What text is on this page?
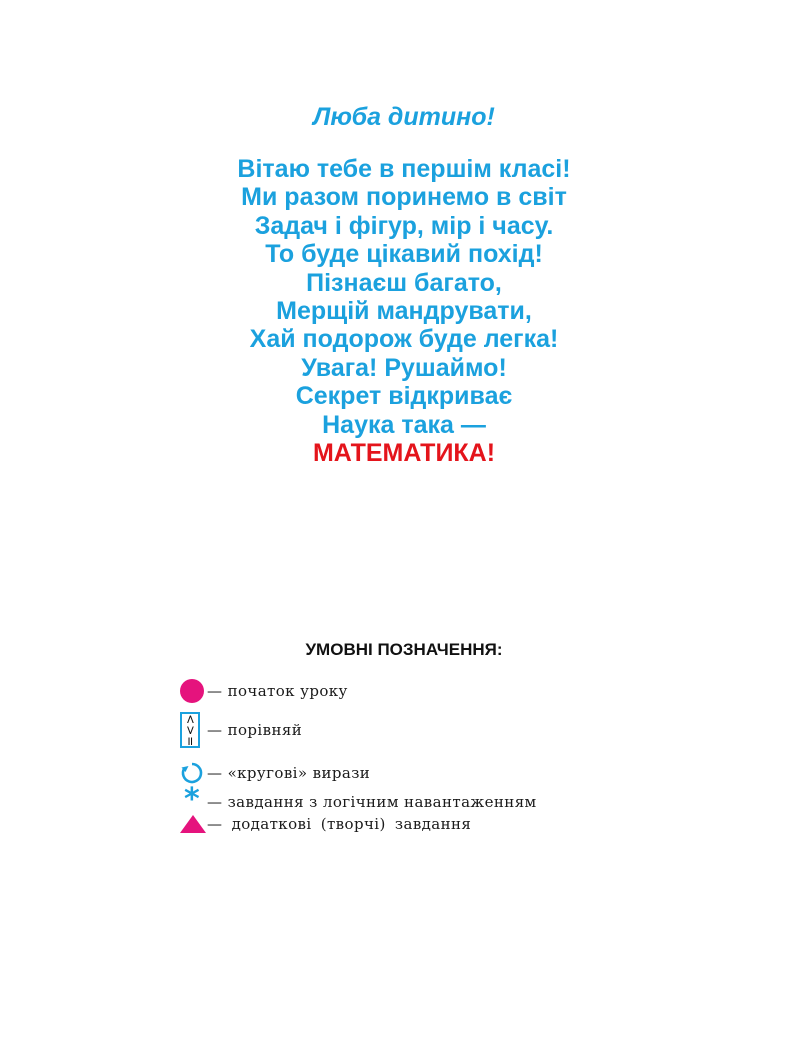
Люба дитино!
Вітаю тебе в першім класі!
Ми разом поринемо в світ
Задач і фігур, мір і часу.
То буде цікавий похід!
Пізнаєш багато,
Мерщій мандрувати,
Хай подорож буде легка!
Увага! Рушаймо!
Секрет відкриває
Наука така —
МАТЕМАТИКА!
УМОВНІ ПОЗНАЧЕННЯ:
— початок уроку
<
>
=
— порівняй
— «кругові» вирази
* — завдання з логічним навантаженням
— додаткові (творчі) завдання
